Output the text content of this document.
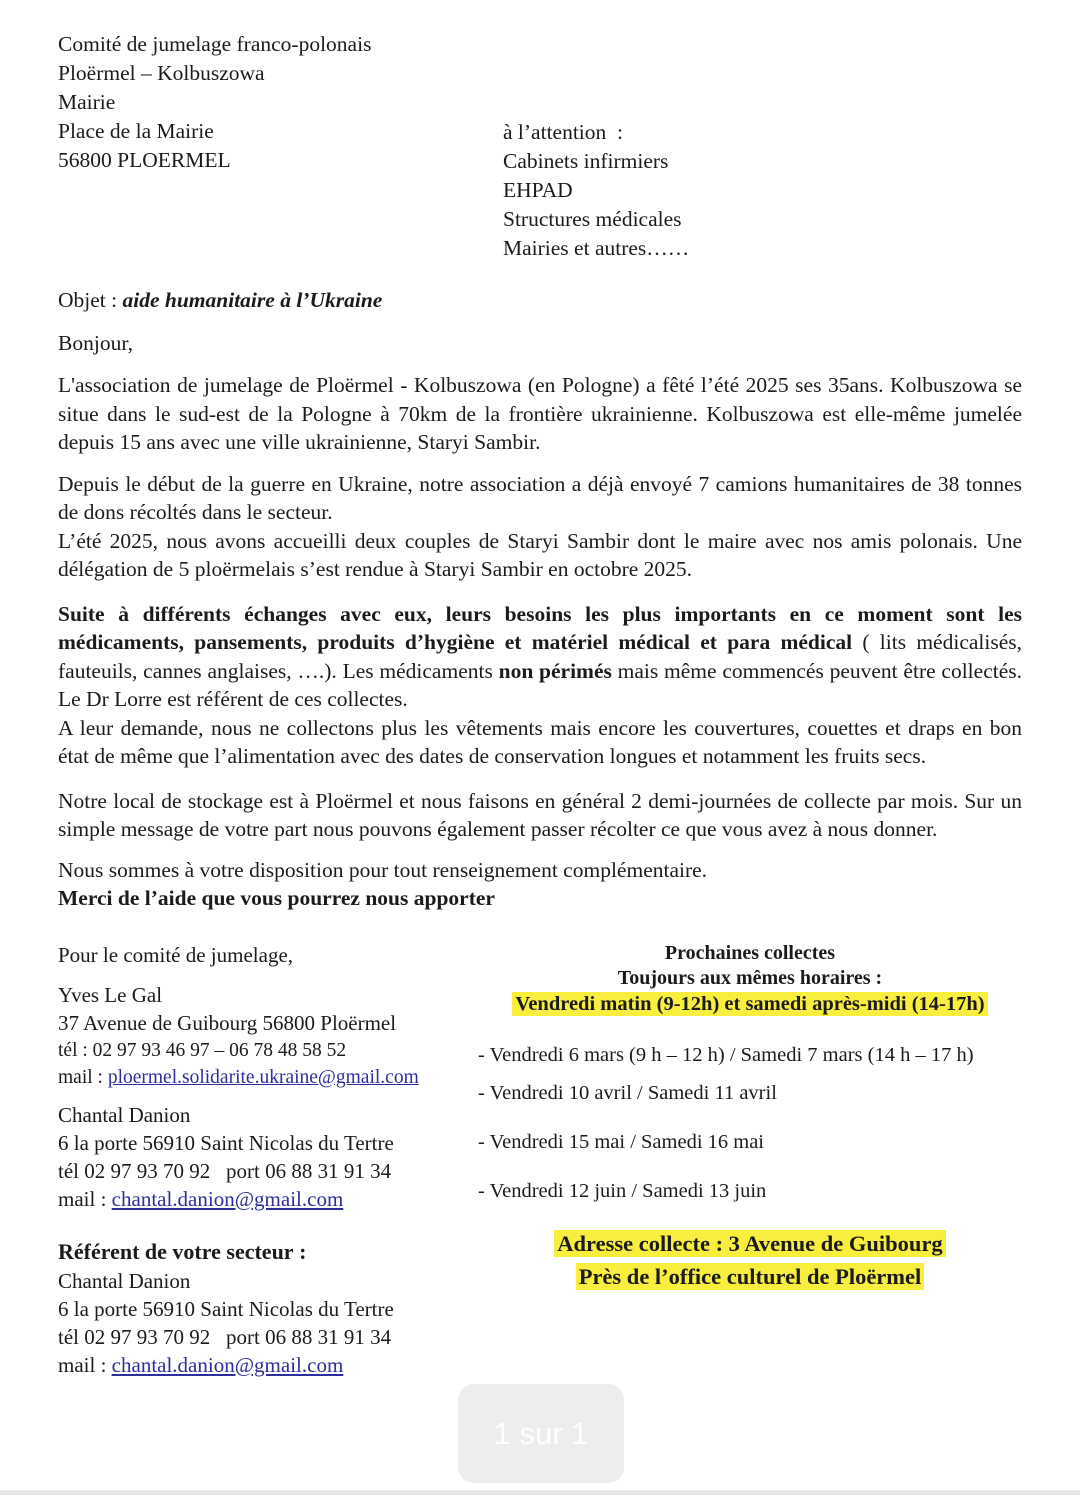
Comité de jumelage franco-polonais
Ploërmel – Kolbuszowa
Mairie
Place de la Mairie
56800 PLOERMEL
à l’attention  :
Cabinets infirmiers
EHPAD
Structures médicales
Mairies et autres……

Objet : aide humanitaire à l’Ukraine

Bonjour,

L'association de jumelage de Ploërmel - Kolbuszowa (en Pologne) a fêté l’été 2025 ses 35ans. Kolbuszowa se situe dans le sud-est de la Pologne à 70km de la frontière ukrainienne. Kolbuszowa est elle-même jumelée depuis 15 ans avec une ville ukrainienne, Staryi Sambir.

Depuis le début de la guerre en Ukraine, notre association a déjà envoyé 7 camions humanitaires de 38 tonnes de dons récoltés dans le secteur.

L’été 2025, nous avons accueilli deux couples de Staryi Sambir dont le maire avec nos amis polonais. Une délégation de 5 ploërmelais s’est rendue à Staryi Sambir en octobre 2025.

Suite à différents échanges avec eux, leurs besoins les plus importants en ce moment sont les médicaments, pansements, produits d’hygiène et matériel médical et para médical ( lits médicalisés, fauteuils, cannes anglaises, ….). Les médicaments non périmés mais même commencés peuvent être collectés. Le Dr Lorre est référent de ces collectes.

A leur demande, nous ne collectons plus les vêtements mais encore les couvertures, couettes et draps en bon état de même que l’alimentation avec des dates de conservation longues et notamment les fruits secs.

Notre local de stockage est à Ploërmel et nous faisons en général 2 demi-journées de collecte par mois. Sur un simple message de votre part nous pouvons également passer récolter ce que vous avez à nous donner.

Nous sommes à votre disposition pour tout renseignement complémentaire.

Merci de l’aide que vous pourrez nous apporter

Pour le comité de jumelage,
Yves Le Gal
37 Avenue de Guibourg 56800 Ploërmel
tél : 02 97 93 46 97 – 06 78 48 58 52
mail : ploermel.solidarite.ukraine@gmail.com
Chantal Danion
6 la porte 56910 Saint Nicolas du Tertre
tél 02 97 93 70 92   port 06 88 31 91 34
mail : chantal.danion@gmail.com
Référent de votre secteur :
Chantal Danion
6 la porte 56910 Saint Nicolas du Tertre
tél 02 97 93 70 92   port 06 88 31 91 34
mail : chantal.danion@gmail.com
Prochaines collectes
Toujours aux mêmes horaires :
Vendredi matin (9-12h) et samedi après-midi (14-17h)
- Vendredi 6 mars (9 h – 12 h) / Samedi 7 mars (14 h – 17 h)
- Vendredi 10 avril / Samedi 11 avril
- Vendredi 15 mai / Samedi 16 mai
- Vendredi 12 juin / Samedi 13 juin
Adresse collecte : 3 Avenue de Guibourg
Près de l’office culturel de Ploërmel
1 sur 1
